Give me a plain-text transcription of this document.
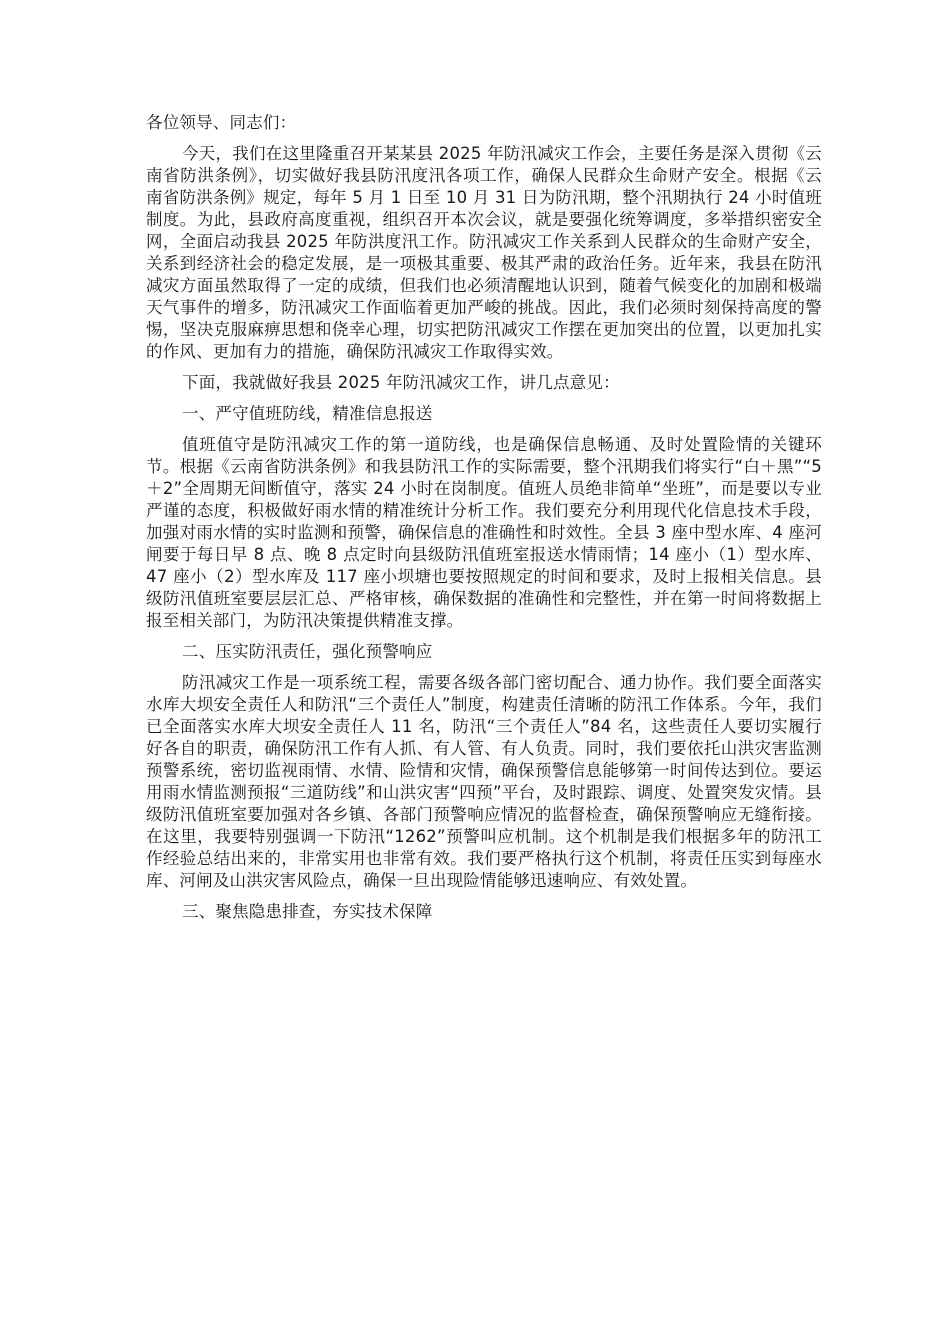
各位领导、同志们：

今天，我们在这里隆重召开某某县 2025 年防汛减灾工作会，主要任务是深入贯彻《云南省防洪条例》，切实做好我县防汛度汛各项工作，确保人民群众生命财产安全。根据《云南省防洪条例》规定，每年 5 月 1 日至 10 月 31 日为防汛期，整个汛期执行 24 小时值班制度。为此，县政府高度重视，组织召开本次会议，就是要强化统筹调度，多举措织密安全网，全面启动我县 2025 年防洪度汛工作。防汛减灾工作关系到人民群众的生命财产安全，关系到经济社会的稳定发展，是一项极其重要、极其严肃的政治任务。近年来，我县在防汛减灾方面虽然取得了一定的成绩，但我们也必须清醒地认识到，随着气候变化的加剧和极端天气事件的增多，防汛减灾工作面临着更加严峻的挑战。因此，我们必须时刻保持高度的警惕，坚决克服麻痹思想和侥幸心理，切实把防汛减灾工作摆在更加突出的位置，以更加扎实的作风、更加有力的措施，确保防汛减灾工作取得实效。

下面，我就做好我县 2025 年防汛减灾工作，讲几点意见：

一、严守值班防线，精准信息报送

值班值守是防汛减灾工作的第一道防线，也是确保信息畅通、及时处置险情的关键环节。根据《云南省防洪条例》和我县防汛工作的实际需要，整个汛期我们将实行“白＋黑”“5＋2”全周期无间断值守，落实 24 小时在岗制度。值班人员绝非简单“坐班”，而是要以专业严谨的态度，积极做好雨水情的精准统计分析工作。我们要充分利用现代化信息技术手段，加强对雨水情的实时监测和预警，确保信息的准确性和时效性。全县 3 座中型水库、4 座河闸要于每日早 8 点、晚 8 点定时向县级防汛值班室报送水情雨情；14 座小（1）型水库、47 座小（2）型水库及 117 座小坝塘也要按照规定的时间和要求，及时上报相关信息。县级防汛值班室要层层汇总、严格审核，确保数据的准确性和完整性，并在第一时间将数据上报至相关部门，为防汛决策提供精准支撑。

二、压实防汛责任，强化预警响应

防汛减灾工作是一项系统工程，需要各级各部门密切配合、通力协作。我们要全面落实水库大坝安全责任人和防汛“三个责任人”制度，构建责任清晰的防汛工作体系。今年，我们已全面落实水库大坝安全责任人 11 名，防汛“三个责任人”84 名，这些责任人要切实履行好各自的职责，确保防汛工作有人抓、有人管、有人负责。同时，我们要依托山洪灾害监测预警系统，密切监视雨情、水情、险情和灾情，确保预警信息能够第一时间传达到位。要运用雨水情监测预报“三道防线”和山洪灾害“四预”平台，及时跟踪、调度、处置突发灾情。县级防汛值班室要加强对各乡镇、各部门预警响应情况的监督检查，确保预警响应无缝衔接。在这里，我要特别强调一下防汛“1262”预警叫应机制。这个机制是我们根据多年的防汛工作经验总结出来的，非常实用也非常有效。我们要严格执行这个机制，将责任压实到每座水库、河闸及山洪灾害风险点，确保一旦出现险情能够迅速响应、有效处置。

三、聚焦隐患排查，夯实技术保障
